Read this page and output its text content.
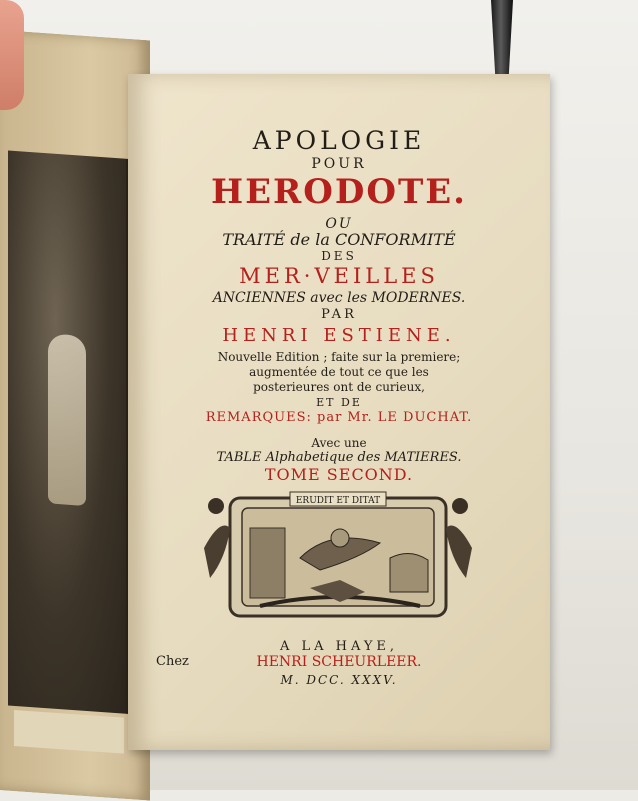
APOLOGIE
POUR
HERODOTE.
OU
TRAITÉ de la CONFORMITÉ
DES
MER·VEILLES
ANCIENNES avec les MODERNES.
PAR
HENRI ESTIENE.
Nouvelle Edition ; faite sur la premiere;
augmentée de tout ce que les
posterieures ont de curieux,
ET DE
REMARQUES: par Mr. LE DUCHAT.
Avec une
TABLE Alphabetique des MATIERES.
TOME SECOND.
ERUDIT ET DITAT
A LA HAYE,
Chez	HENRI SCHEURLEER.
M. DCC. XXXV.
